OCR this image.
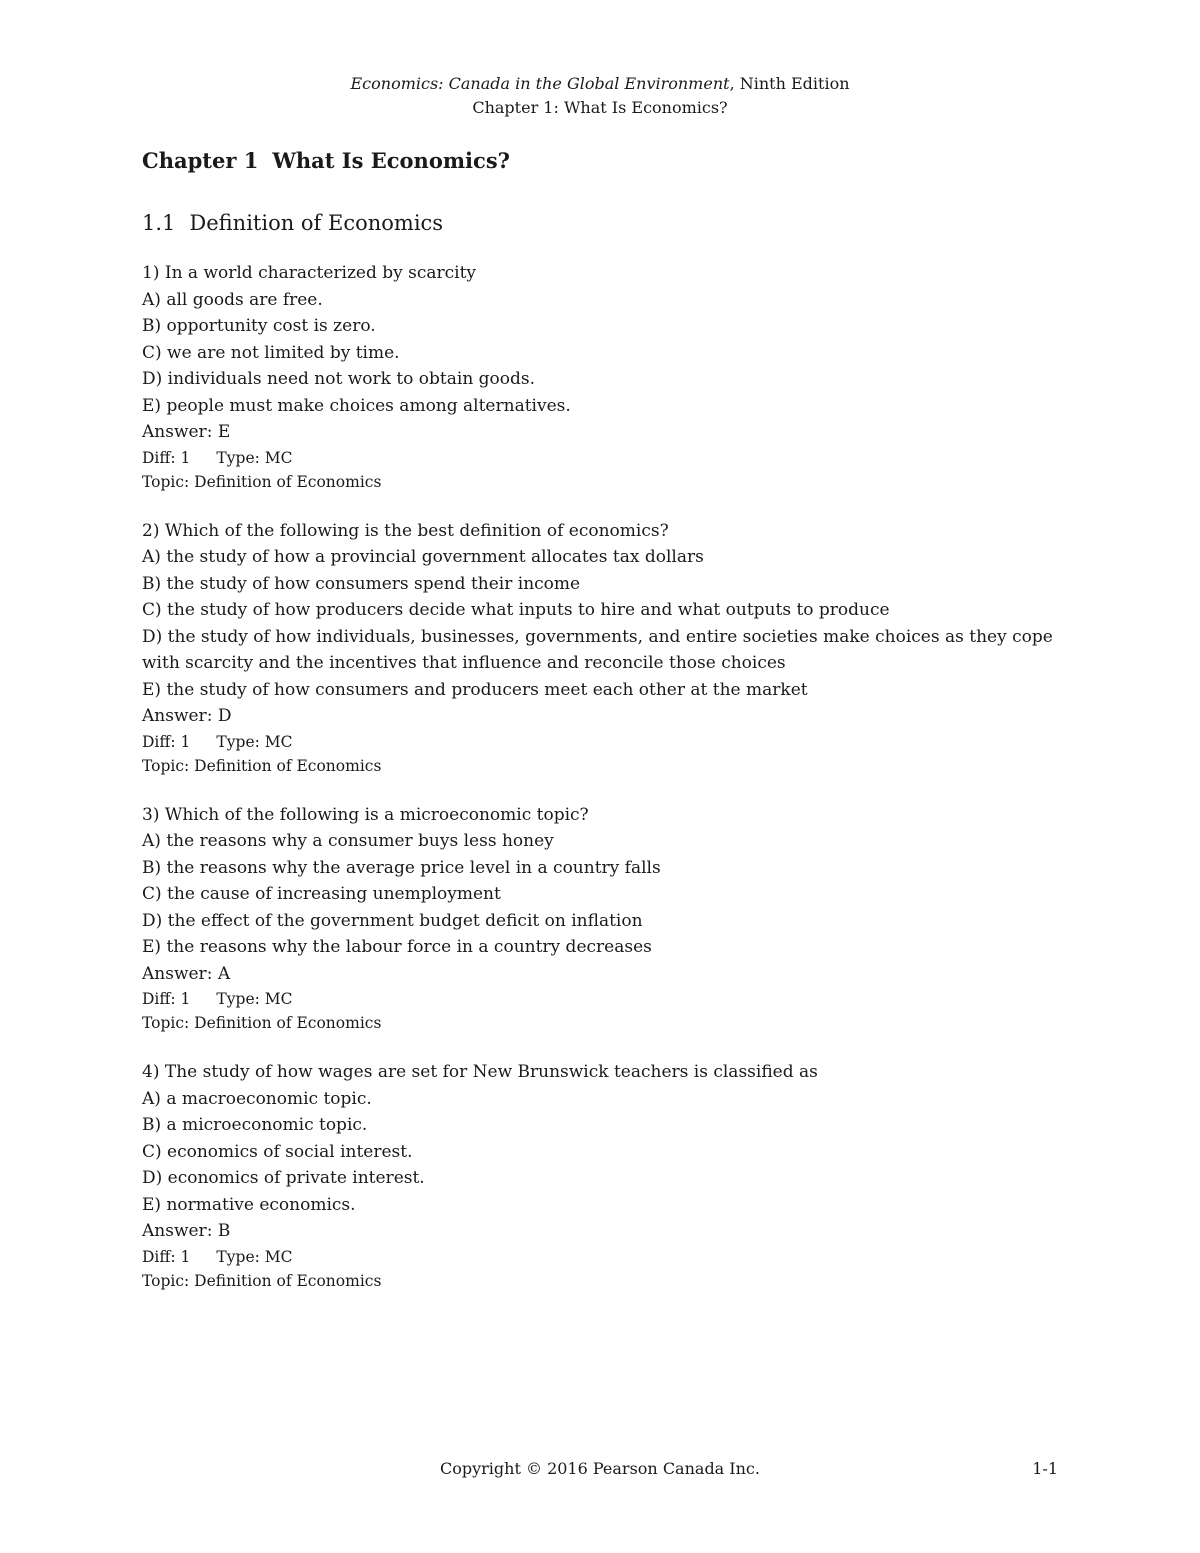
Economics: Canada in the Global Environment, Ninth Edition
Chapter 1: What Is Economics?
Chapter 1 What Is Economics?
1.1 Definition of Economics
1) In a world characterized by scarcity
A) all goods are free.
B) opportunity cost is zero.
C) we are not limited by time.
D) individuals need not work to obtain goods.
E) people must make choices among alternatives.
Answer: E
Diff: 1 Type: MC
Topic: Definition of Economics
2) Which of the following is the best definition of economics?
A) the study of how a provincial government allocates tax dollars
B) the study of how consumers spend their income
C) the study of how producers decide what inputs to hire and what outputs to produce
D) the study of how individuals, businesses, governments, and entire societies make choices as they cope with scarcity and the incentives that influence and reconcile those choices
E) the study of how consumers and producers meet each other at the market
Answer: D
Diff: 1 Type: MC
Topic: Definition of Economics
3) Which of the following is a microeconomic topic?
A) the reasons why a consumer buys less honey
B) the reasons why the average price level in a country falls
C) the cause of increasing unemployment
D) the effect of the government budget deficit on inflation
E) the reasons why the labour force in a country decreases
Answer: A
Diff: 1 Type: MC
Topic: Definition of Economics
4) The study of how wages are set for New Brunswick teachers is classified as
A) a macroeconomic topic.
B) a microeconomic topic.
C) economics of social interest.
D) economics of private interest.
E) normative economics.
Answer: B
Diff: 1 Type: MC
Topic: Definition of Economics
Copyright © 2016 Pearson Canada Inc.	1-1
